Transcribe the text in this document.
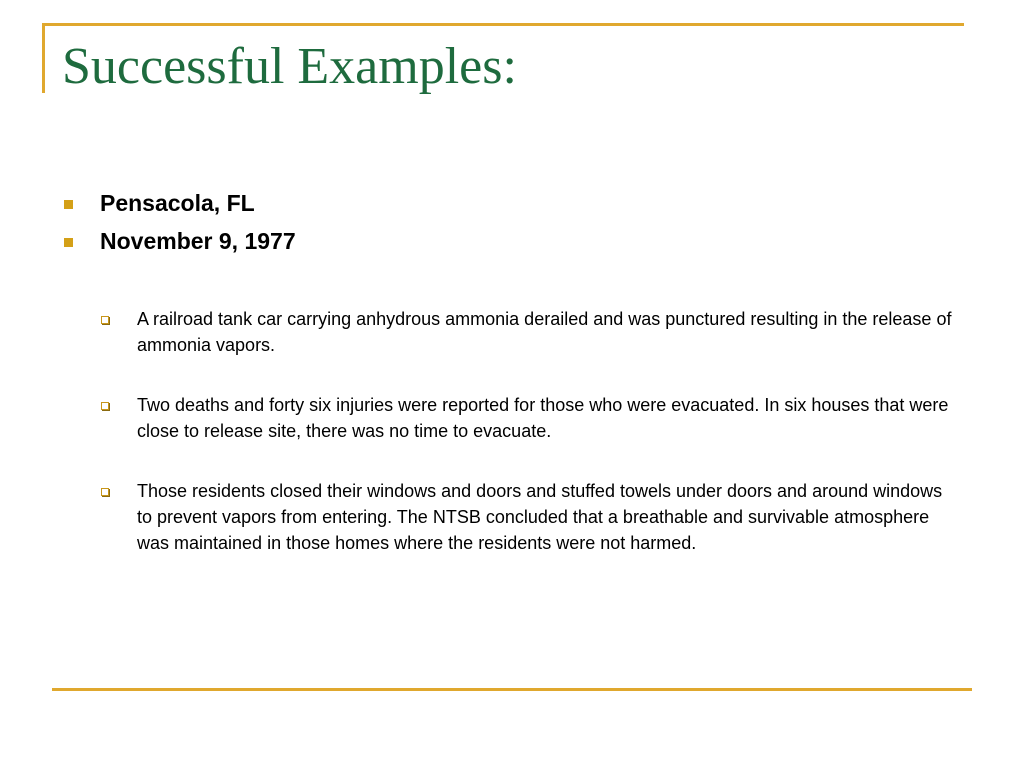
Successful Examples:
Pensacola, FL
November 9, 1977
A railroad tank car carrying anhydrous ammonia derailed and was punctured resulting in the release of ammonia vapors.
Two deaths and forty six injuries were reported for those who were evacuated. In six houses that were close to release site, there was no time to evacuate.
Those residents closed their windows and doors and stuffed towels under doors and around windows to prevent vapors from entering. The NTSB concluded that a breathable and survivable atmosphere was maintained in those homes where the residents were not harmed.
